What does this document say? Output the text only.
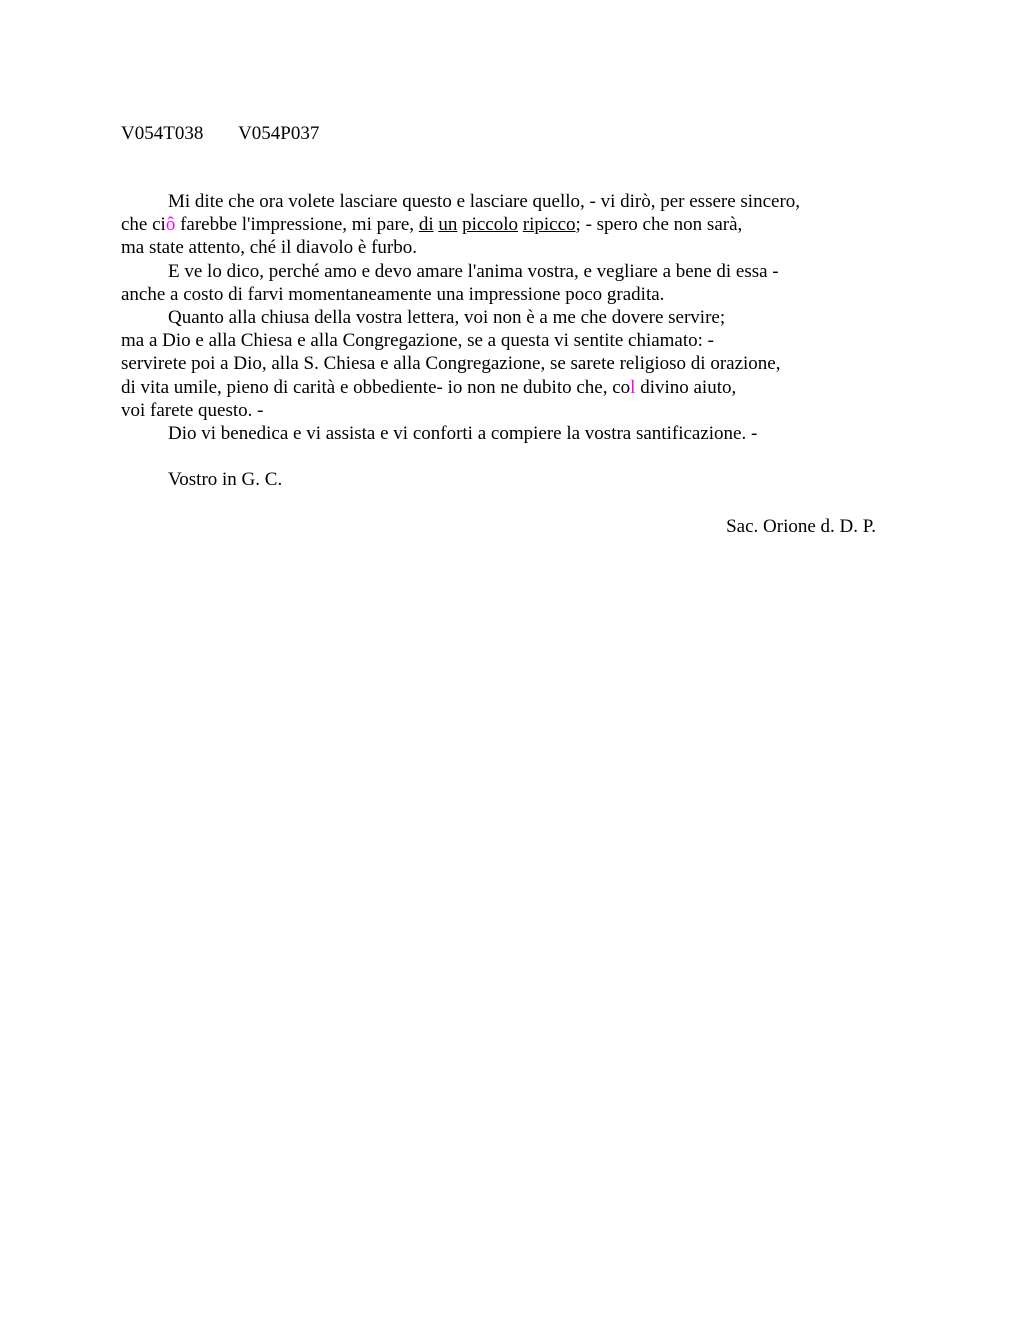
V054T038 V054P037
Mi dite che ora volete lasciare questo e lasciare quello, - vi dirò, per essere sincero,
che ciô farebbe l'impressione, mi pare, di un piccolo ripicco; - spero che non sarà,
ma state attento, ché il diavolo è furbo.
E ve lo dico, perché amo e devo amare l'anima vostra, e vegliare a bene di essa -
anche a costo di farvi momentaneamente una impressione poco gradita.
Quanto alla chiusa della vostra lettera, voi non è a me che dovere servire;
ma a Dio e alla Chiesa e alla Congregazione, se a questa vi sentite chiamato: -
servirete poi a Dio, alla S. Chiesa e alla Congregazione, se sarete religioso di orazione,
di vita umile, pieno di carità e obbediente- io non ne dubito che, col divino aiuto,
voi farete questo. -
Dio vi benedica e vi assista e vi conforti a compiere la vostra santificazione. -
Vostro in G. C.
Sac. Orione d. D. P.
